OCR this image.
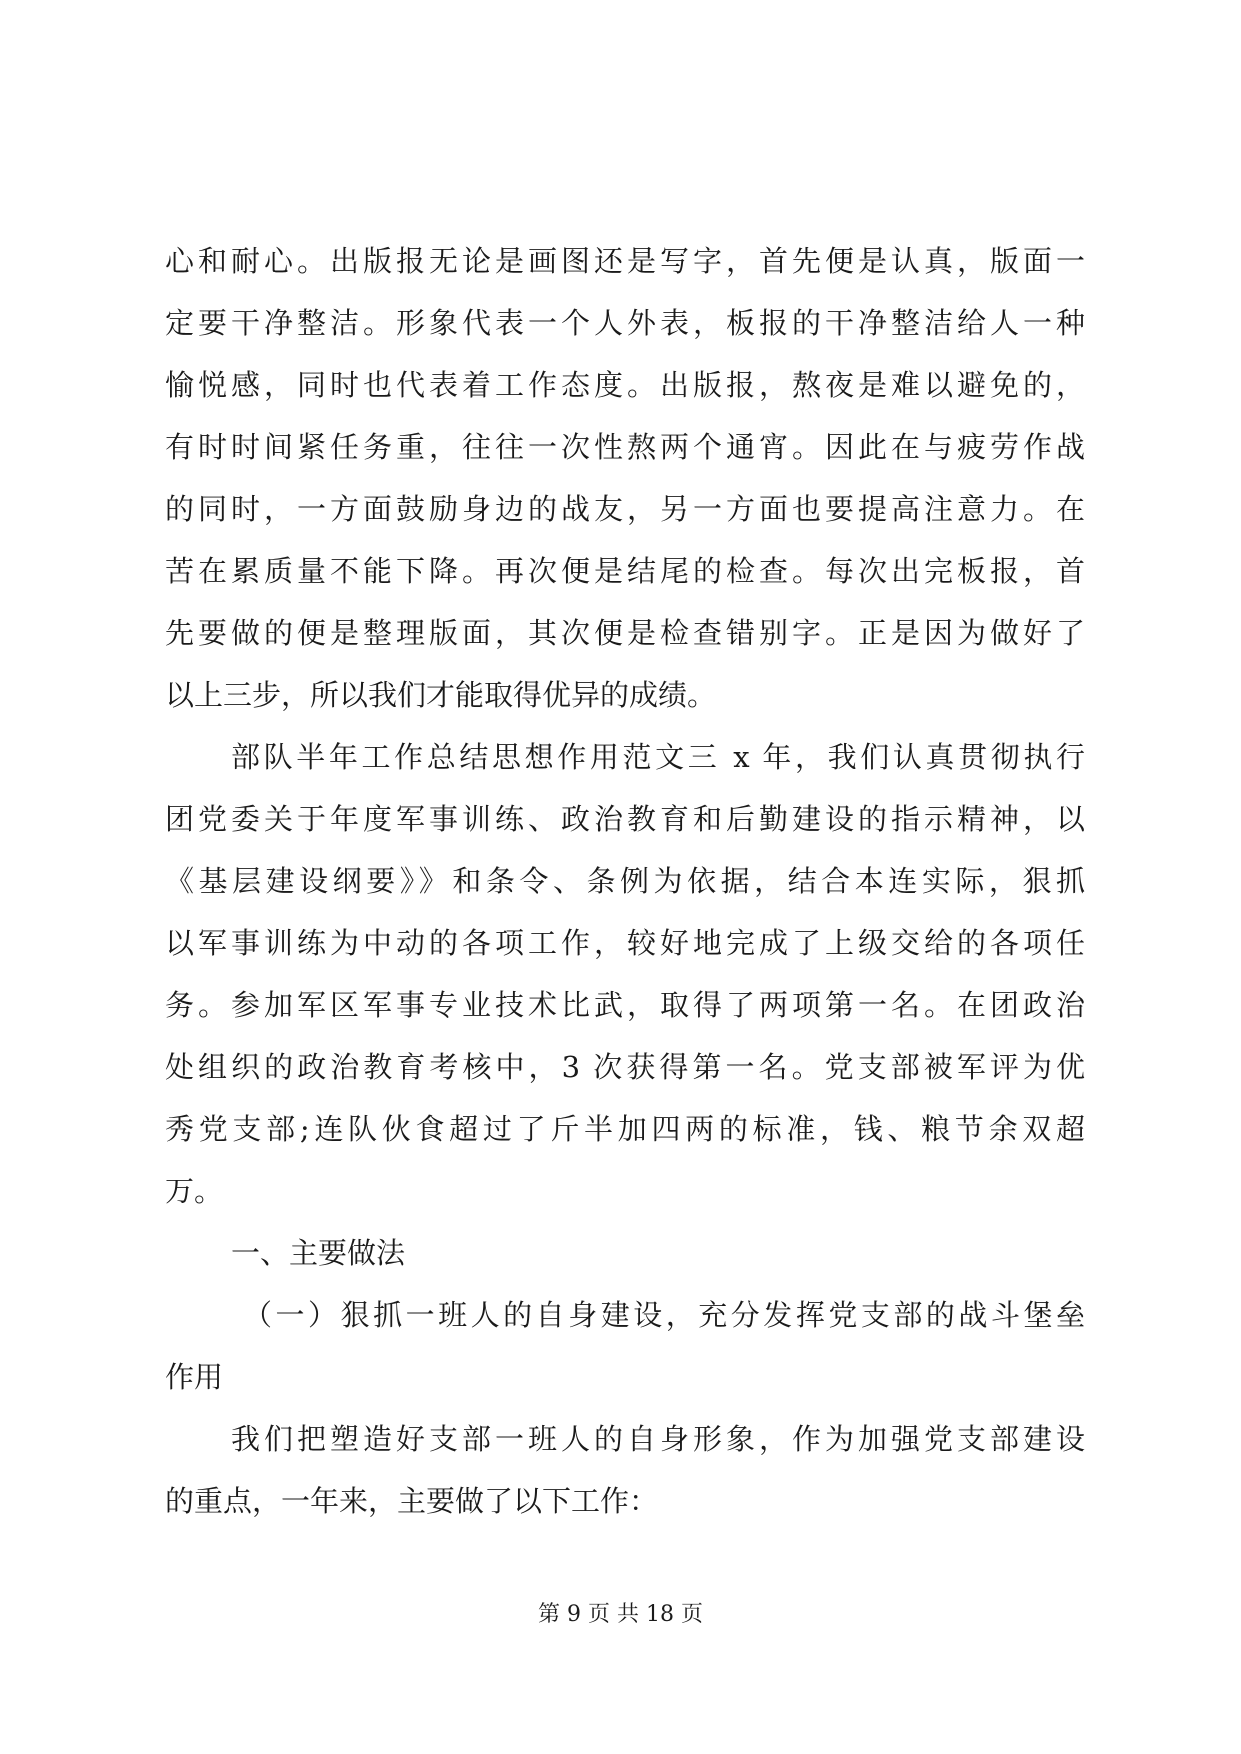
心和耐心。出版报无论是画图还是写字，首先便是认真，版面一
定要干净整洁。形象代表一个人外表，板报的干净整洁给人一种
愉悦感，同时也代表着工作态度。出版报，熬夜是难以避免的，
有时时间紧任务重，往往一次性熬两个通宵。因此在与疲劳作战
的同时，一方面鼓励身边的战友，另一方面也要提高注意力。在
苦在累质量不能下降。再次便是结尾的检查。每次出完板报，首
先要做的便是整理版面，其次便是检查错别字。正是因为做好了
以上三步，所以我们才能取得优异的成绩。
部队半年工作总结思想作用范文三 x 年，我们认真贯彻执行
团党委关于年度军事训练、政治教育和后勤建设的指示精神，以
《基层建设纲要》》和条令、条例为依据，结合本连实际，狠抓
以军事训练为中动的各项工作，较好地完成了上级交给的各项任
务。参加军区军事专业技术比武，取得了两项第一名。在团政治
处组织的政治教育考核中，3 次获得第一名。党支部被军评为优
秀党支部;连队伙食超过了斤半加四两的标准，钱、粮节余双超
万。
一、主要做法
（一）狠抓一班人的自身建设，充分发挥党支部的战斗堡垒
作用
我们把塑造好支部一班人的自身形象，作为加强党支部建设
的重点，一年来，主要做了以下工作：
第 9 页 共 18 页
